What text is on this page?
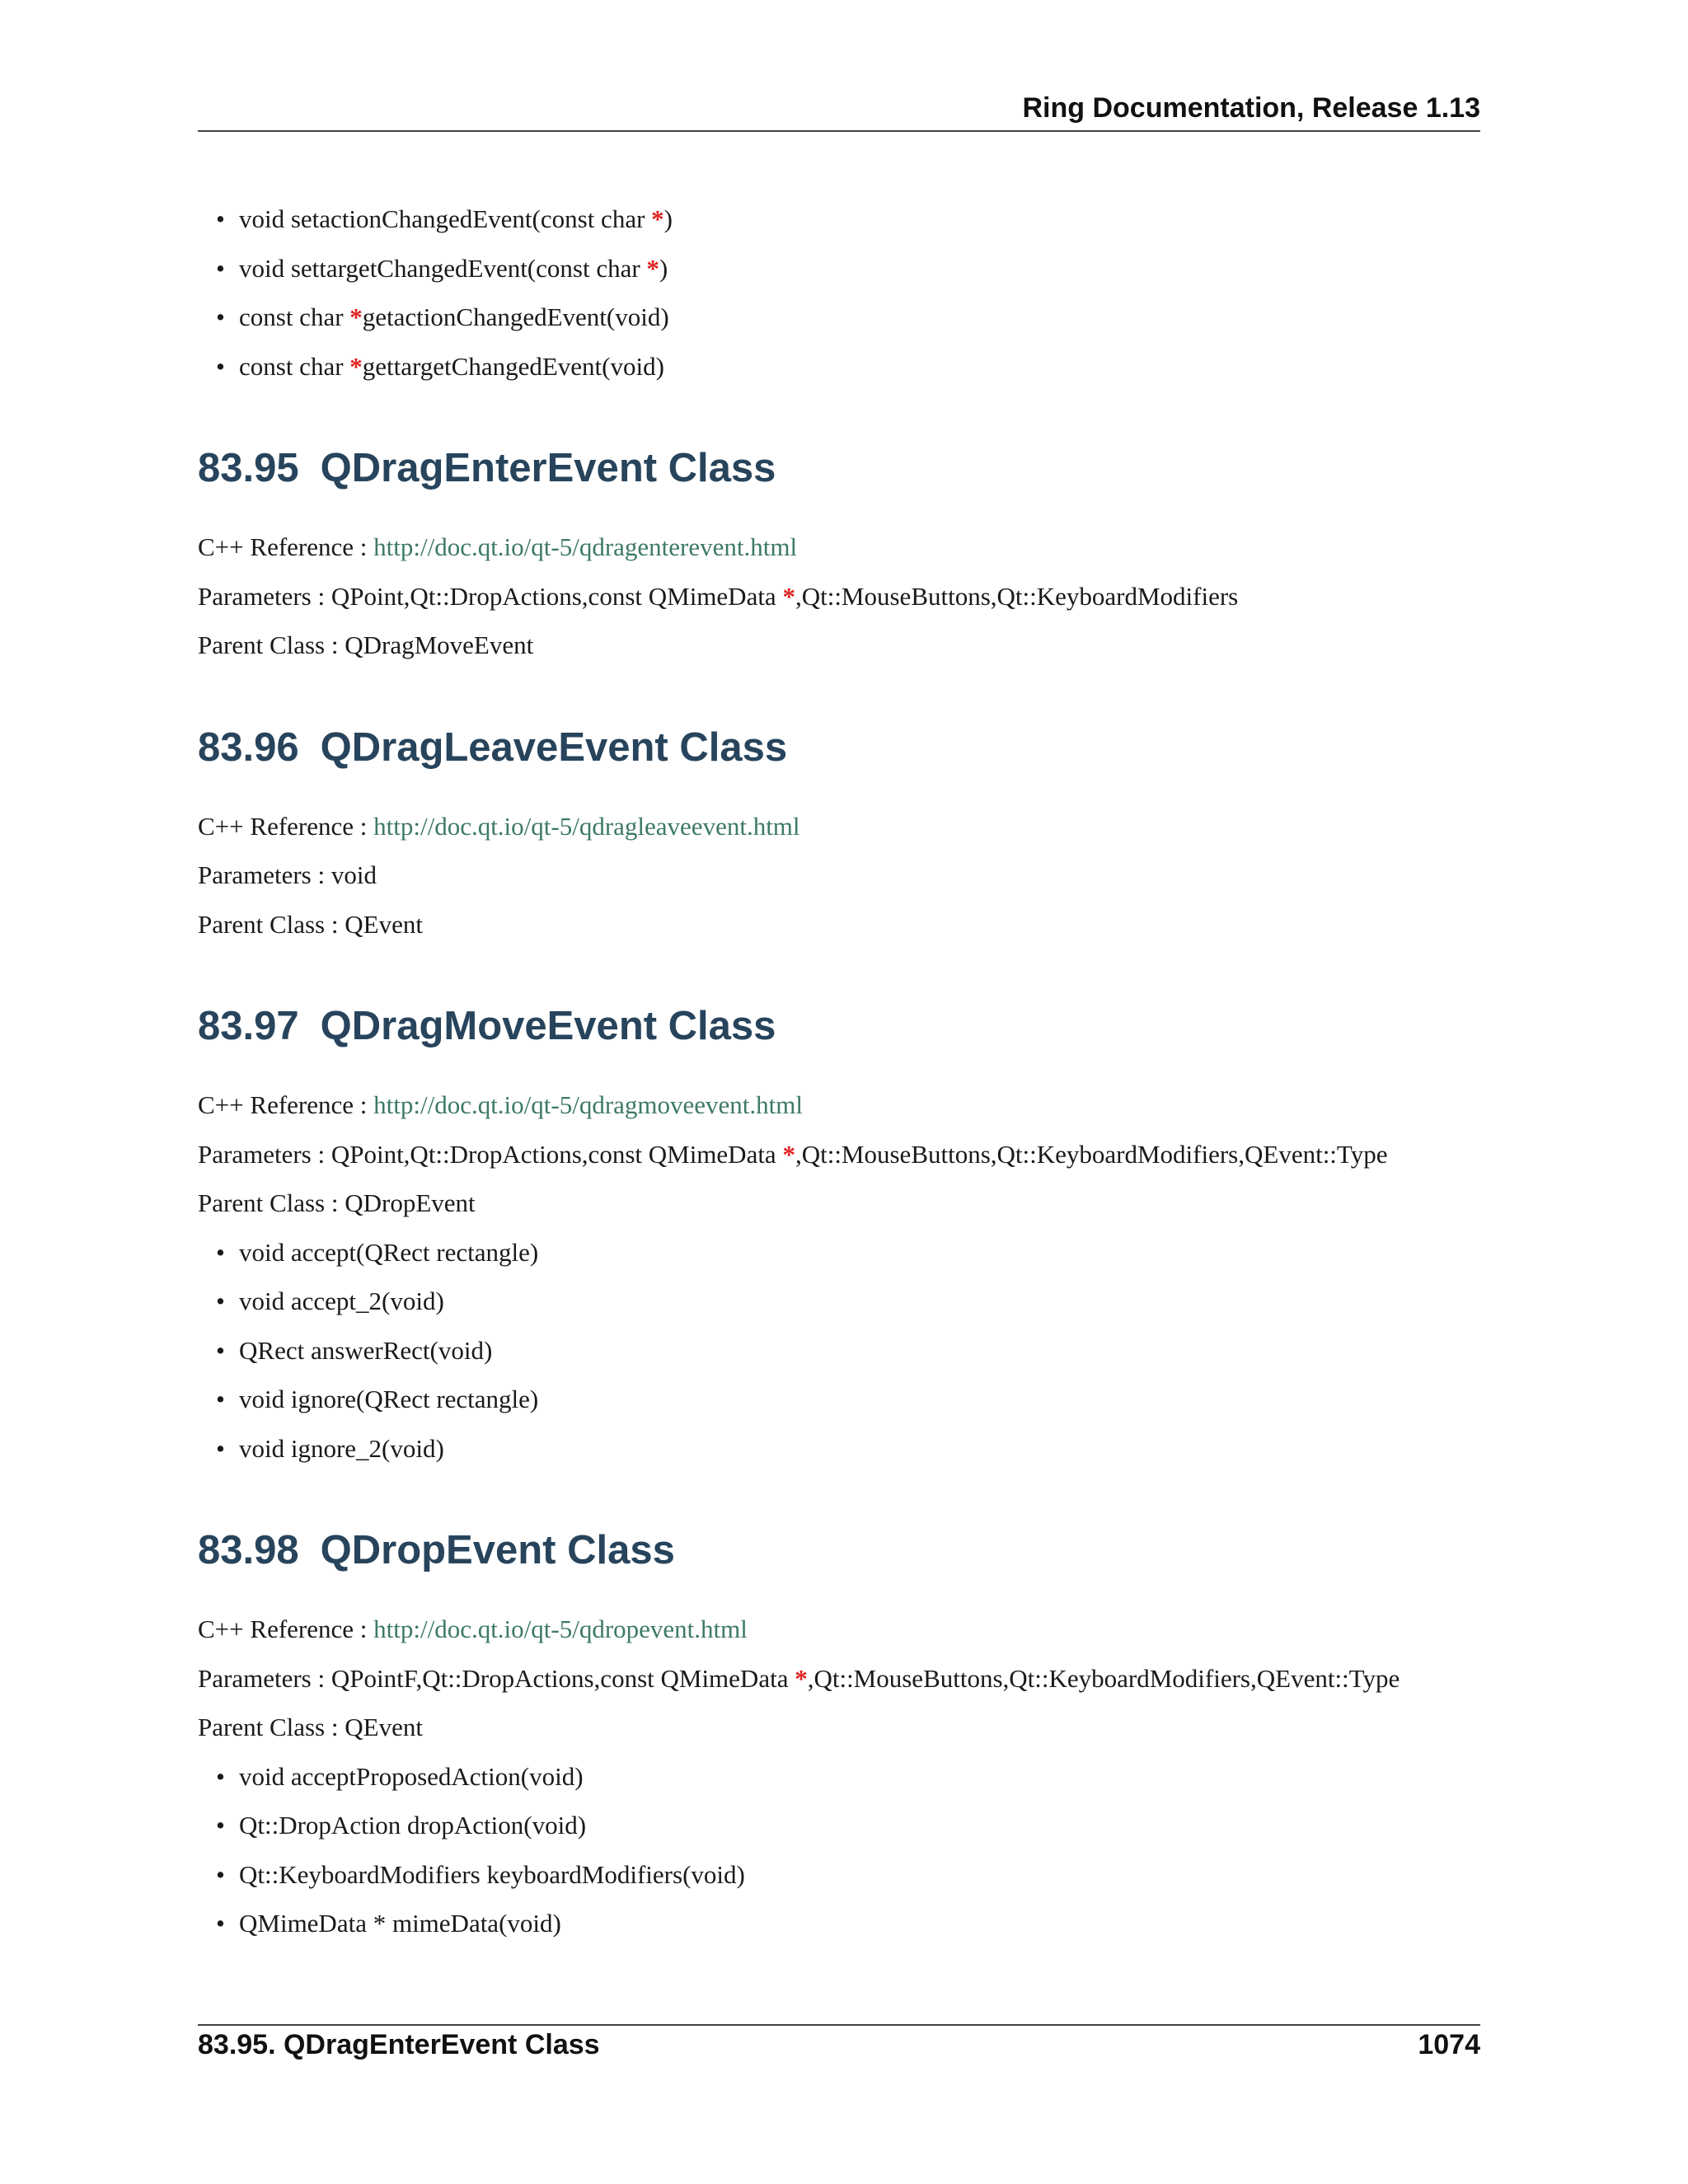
Ring Documentation, Release 1.13
• void setactionChangedEvent(const char *)
• void settargetChangedEvent(const char *)
• const char *getactionChangedEvent(void)
• const char *gettargetChangedEvent(void)
83.95 QDragEnterEvent Class
C++ Reference : http://doc.qt.io/qt-5/qdragenterevent.html
Parameters : QPoint,Qt::DropActions,const QMimeData *,Qt::MouseButtons,Qt::KeyboardModifiers
Parent Class : QDragMoveEvent
83.96 QDragLeaveEvent Class
C++ Reference : http://doc.qt.io/qt-5/qdragleaveevent.html
Parameters : void
Parent Class : QEvent
83.97 QDragMoveEvent Class
C++ Reference : http://doc.qt.io/qt-5/qdragmoveevent.html
Parameters : QPoint,Qt::DropActions,const QMimeData *,Qt::MouseButtons,Qt::KeyboardModifiers,QEvent::Type
Parent Class : QDropEvent
• void accept(QRect rectangle)
• void accept_2(void)
• QRect answerRect(void)
• void ignore(QRect rectangle)
• void ignore_2(void)
83.98 QDropEvent Class
C++ Reference : http://doc.qt.io/qt-5/qdropevent.html
Parameters : QPointF,Qt::DropActions,const QMimeData *,Qt::MouseButtons,Qt::KeyboardModifiers,QEvent::Type
Parent Class : QEvent
• void acceptProposedAction(void)
• Qt::DropAction dropAction(void)
• Qt::KeyboardModifiers keyboardModifiers(void)
• QMimeData * mimeData(void)
83.95. QDragEnterEvent Class	1074
